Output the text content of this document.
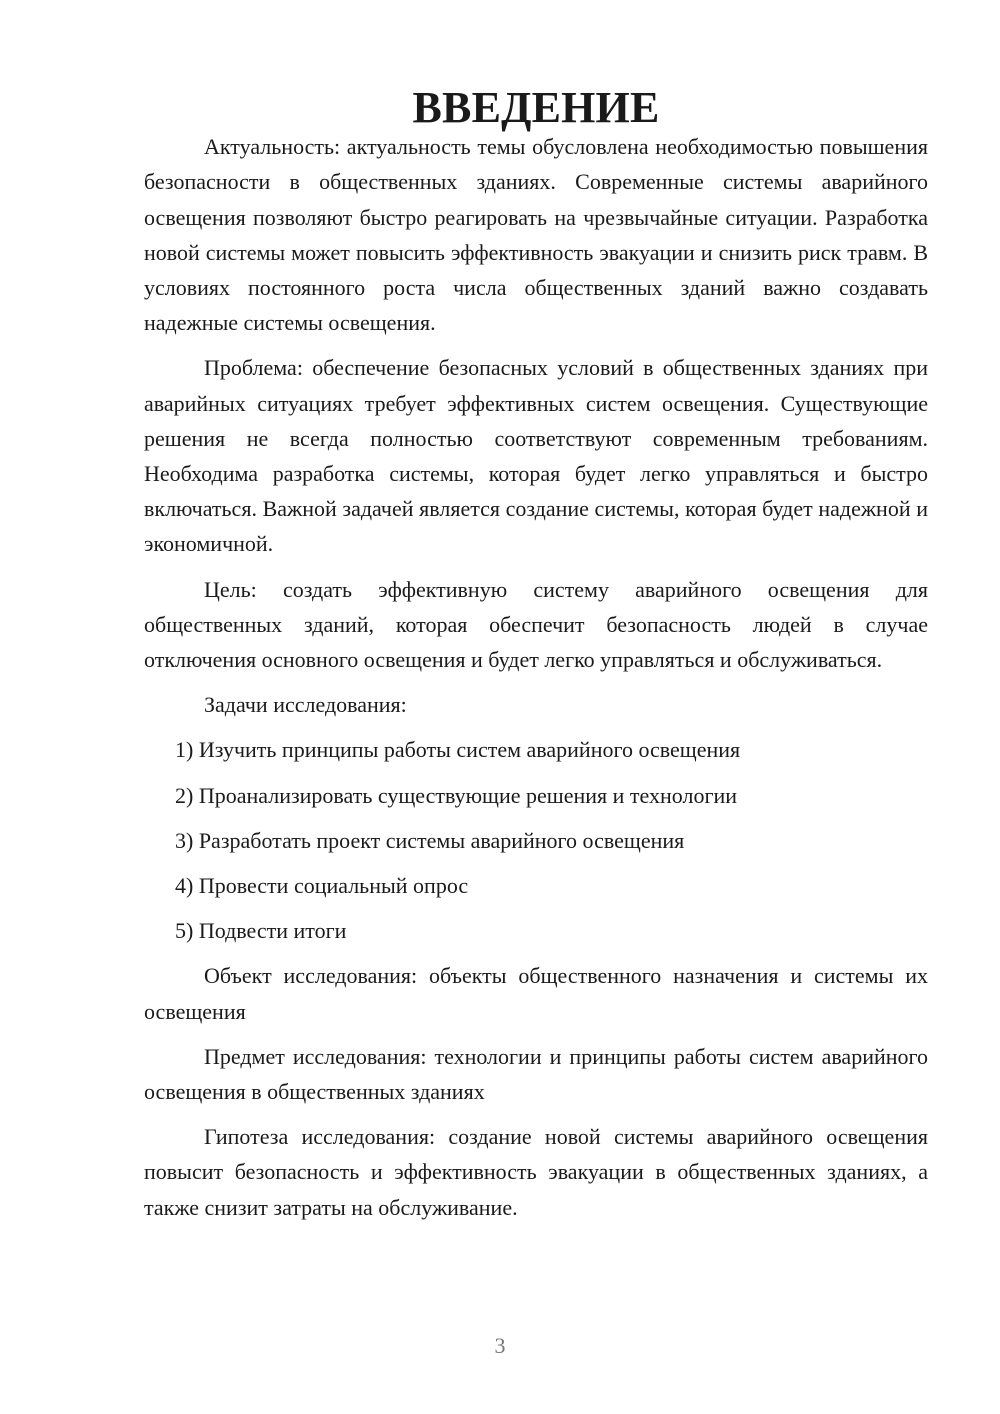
ВВЕДЕНИЕ

Актуальность: актуальность темы обусловлена необходимостью повышения безопасности в общественных зданиях. Современные системы аварийного освещения позволяют быстро реагировать на чрезвычайные ситуации. Разработка новой системы может повысить эффективность эвакуации и снизить риск травм. В условиях постоянного роста числа общественных зданий важно создавать надежные системы освещения.

Проблема: обеспечение безопасных условий в общественных зданиях при аварийных ситуациях требует эффективных систем освещения. Существующие решения не всегда полностью соответствуют современным требованиям. Необходима разработка системы, которая будет легко управляться и быстро включаться. Важной задачей является создание системы, которая будет надежной и экономичной.

Цель: создать эффективную систему аварийного освещения для общественных зданий, которая обеспечит безопасность людей в случае отключения основного освещения и будет легко управляться и обслуживаться.

Задачи исследования:

1) Изучить принципы работы систем аварийного освещения
2) Проанализировать существующие решения и технологии
3) Разработать проект системы аварийного освещения
4) Провести социальный опрос
5) Подвести итоги

Объект исследования: объекты общественного назначения и системы их освещения

Предмет исследования: технологии и принципы работы систем аварийного освещения в общественных зданиях

Гипотеза исследования: создание новой системы аварийного освещения повысит безопасность и эффективность эвакуации в общественных зданиях, а также снизит затраты на обслуживание.

3
